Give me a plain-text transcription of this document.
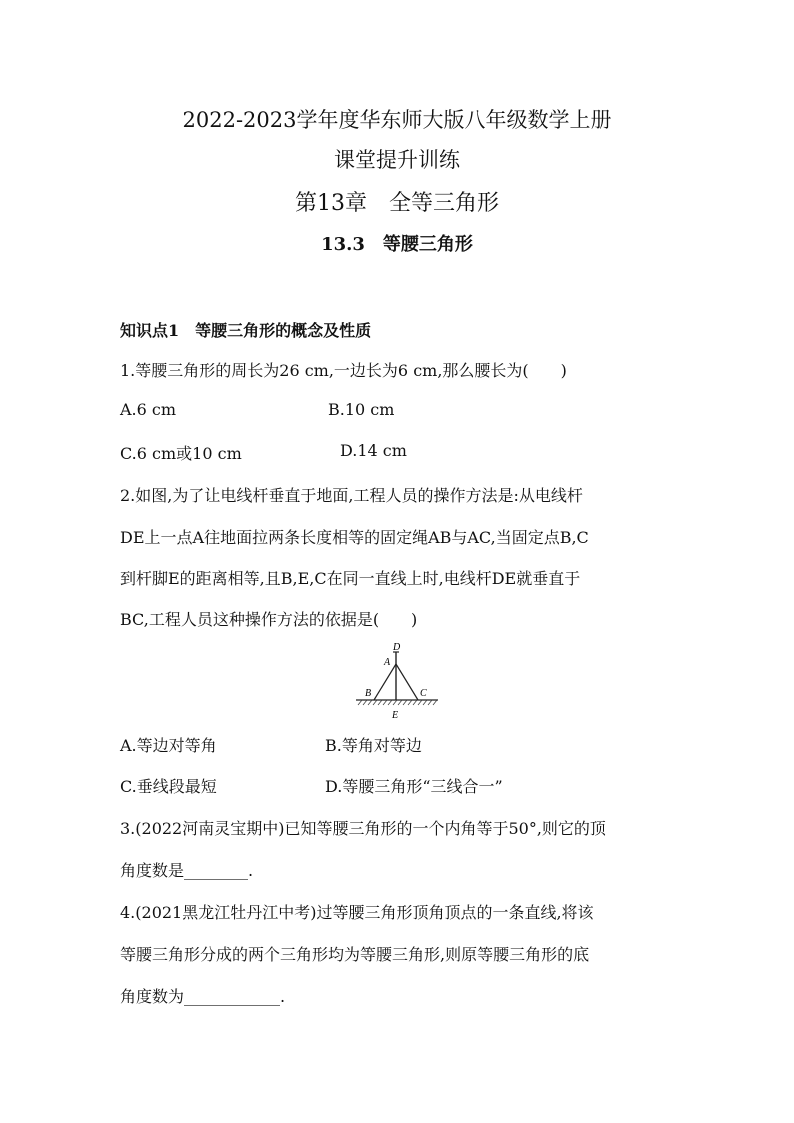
2022-2023学年度华东师大版八年级数学上册
课堂提升训练
第13章　全等三角形
13.3　等腰三角形
知识点1　等腰三角形的概念及性质
1.等腰三角形的周长为26 cm,一边长为6 cm,那么腰长为(　　)
A.6 cm	B.10 cm
C.6 cm或10 cm	D.14 cm
2.如图,为了让电线杆垂直于地面,工程人员的操作方法是:从电线杆
DE上一点A往地面拉两条长度相等的固定绳AB与AC,当固定点B,C
到杆脚E的距离相等,且B,E,C在同一直线上时,电线杆DE就垂直于
BC,工程人员这种操作方法的依据是(　　)
D
A
B	C
E
A.等边对等角	B.等角对等边
C.垂线段最短	D.等腰三角形“三线合一”
3.(2022河南灵宝期中)已知等腰三角形的一个内角等于50°,则它的顶
角度数是________.
4.(2021黑龙江牡丹江中考)过等腰三角形顶角顶点的一条直线,将该
等腰三角形分成的两个三角形均为等腰三角形,则原等腰三角形的底
角度数为____________.
